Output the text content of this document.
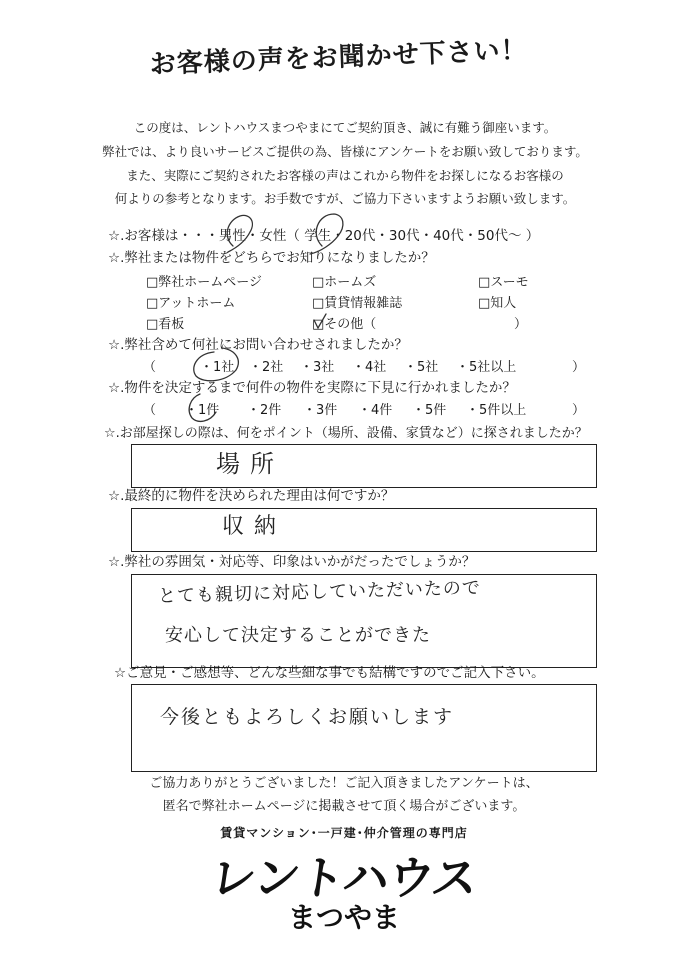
お客様の声をお聞かせ下さい！
この度は、レントハウスまつやまにてご契約頂き、誠に有難う御座います。
弊社では、より良いサービスご提供の為、皆様にアンケートをお願い致しております。
また、実際にご契約されたお客様の声はこれから物件をお探しになるお客様の
何よりの参考となります。お手数ですが、ご協力下さいますようお願い致します。
☆.お客様は・・・男性・女性（ 学生・20代・30代・40代・50代～ ）
☆.弊社または物件をどちらでお知りになりましたか？
□弊社ホームページ	□ホームズ	□スーモ
□アットホーム	□賃貸情報雑誌	□知人
□看板	□その他（	）
☆.弊社含めて何社にお問い合わせされましたか？
（	・1社 ・2社 ・3社 ・4社 ・5社 ・5社以上	）
☆.物件を決定するまで何件の物件を実際に下見に行かれましたか？
（ ・1件 ・2件 ・3件 ・4件 ・5件 ・5件以上	）
☆.お部屋探しの際は、何をポイント（場所、設備、家賃など）に探されましたか？
場所
☆.最終的に物件を決められた理由は何ですか？
収納
☆.弊社の雰囲気・対応等、印象はいかがだったでしょうか？
とても親切に対応していただいたので
安心して決定することができた
☆ご意見・ご感想等、どんな些細な事でも結構ですのでご記入下さい。
今後ともよろしくお願いします
ご協力ありがとうございました！ご記入頂きましたアンケートは、
匿名で弊社ホームページに掲載させて頂く場合がございます。
賃貸マンション･一戸建･仲介管理の専門店
レントハウス
まつやま
